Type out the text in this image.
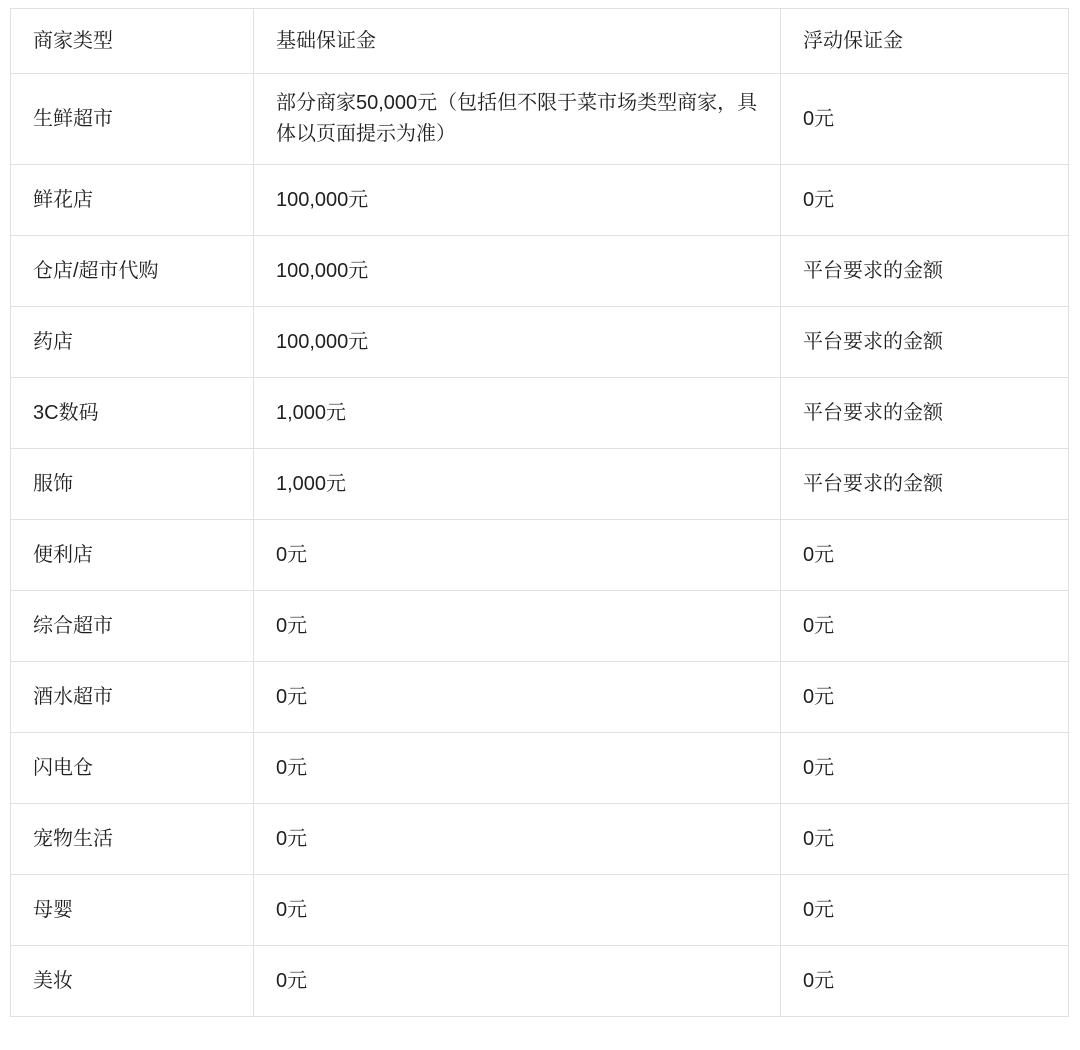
商家类型	基础保证金	浮动保证金

生鲜超市	部分商家50,000元（包括但不限于菜市场类型商家，具体以页面提示为准）	0元

鲜花店	100,000元	0元

仓店/超市代购	100,000元	平台要求的金额

药店	100,000元	平台要求的金额

3C数码	1,000元	平台要求的金额

服饰	1,000元	平台要求的金额

便利店	0元	0元

综合超市	0元	0元

酒水超市	0元	0元

闪电仓	0元	0元

宠物生活	0元	0元

母婴	0元	0元

美妆	0元	0元
